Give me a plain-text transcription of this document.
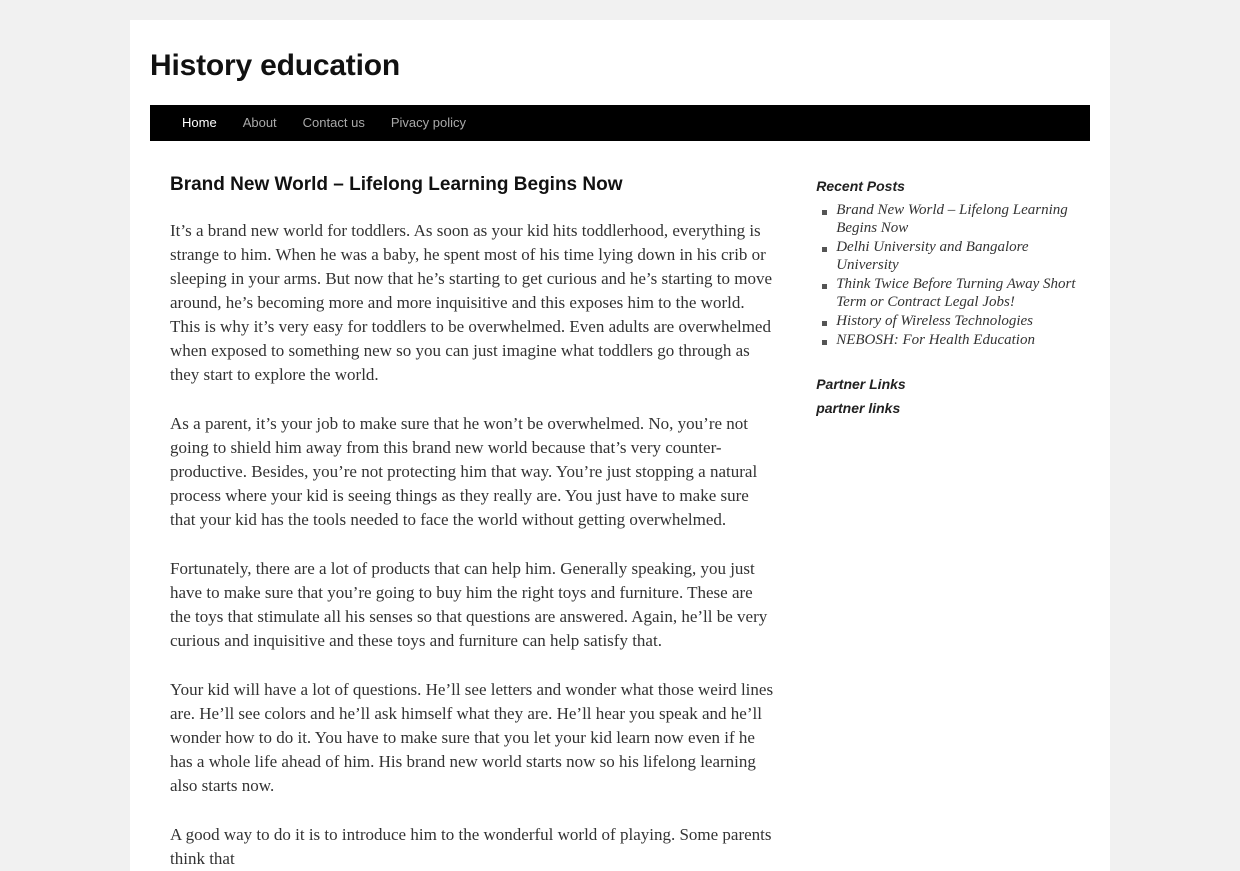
History education
Home	About	Contact us	Pivacy policy
Brand New World – Lifelong Learning Begins Now

It’s a brand new world for toddlers. As soon as your kid hits toddlerhood, everything is strange to him. When he was a baby, he spent most of his time lying down in his crib or sleeping in your arms. But now that he’s starting to get curious and he’s starting to move around, he’s becoming more and more inquisitive and this exposes him to the world. This is why it’s very easy for toddlers to be overwhelmed. Even adults are overwhelmed when exposed to something new so you can just imagine what toddlers go through as they start to explore the world.

As a parent, it’s your job to make sure that he won’t be overwhelmed. No, you’re not going to shield him away from this brand new world because that’s very counter-productive. Besides, you’re not protecting him that way. You’re just stopping a natural process where your kid is seeing things as they really are. You just have to make sure that your kid has the tools needed to face the world without getting overwhelmed.

Fortunately, there are a lot of products that can help him. Generally speaking, you just have to make sure that you’re going to buy him the right toys and furniture. These are the toys that stimulate all his senses so that questions are answered. Again, he’ll be very curious and inquisitive and these toys and furniture can help satisfy that.

Your kid will have a lot of questions. He’ll see letters and wonder what those weird lines are. He’ll see colors and he’ll ask himself what they are. He’ll hear you speak and he’ll wonder how to do it. You have to make sure that you let your kid learn now even if he has a whole life ahead of him. His brand new world starts now so his lifelong learning also starts now.

A good way to do it is to introduce him to the wonderful world of playing. Some parents think that

Recent Posts
Brand New World – Lifelong Learning Begins Now
Delhi University and Bangalore University
Think Twice Before Turning Away Short Term or Contract Legal Jobs!
History of Wireless Technologies
NEBOSH: For Health Education
Partner Links
partner links
